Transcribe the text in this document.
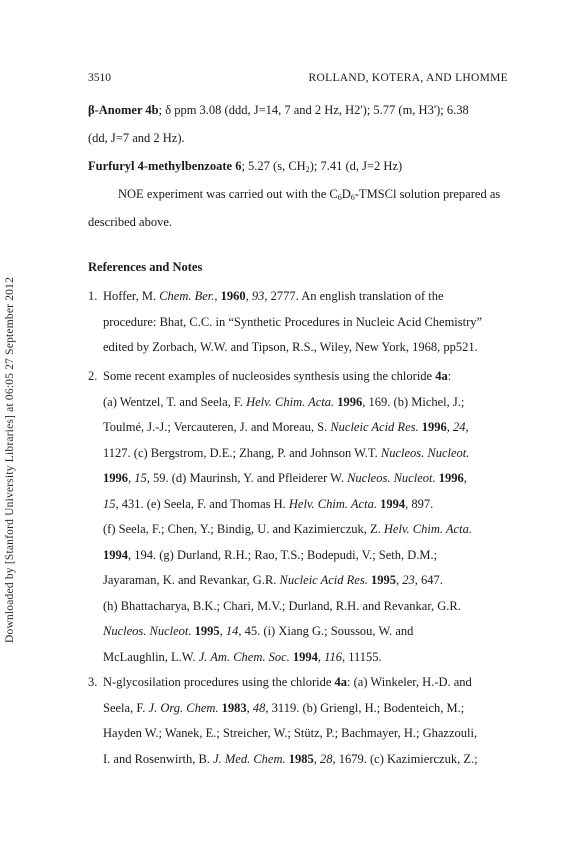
3510	ROLLAND, KOTERA, AND LHOMME
Downloaded by [Stanford University Libraries] at 06:05 27 September 2012
β-Anomer 4b; δ ppm 3.08 (ddd, J=14, 7 and 2 Hz, H2'); 5.77 (m, H3'); 6.38
(dd, J=7 and 2 Hz).
Furfuryl 4-methylbenzoate 6; 5.27 (s, $CH_2$); 7.41 (d, J=2 Hz)
NOE experiment was carried out with the $C_6D_6$-TMSCl solution prepared as
described above.
References and Notes
1. Hoffer, M. Chem. Ber., 1960, 93, 2777. An english translation of the
procedure: Bhat, C.C. in “Synthetic Procedures in Nucleic Acid Chemistry”
edited by Zorbach, W.W. and Tipson, R.S., Wiley, New York, 1968, pp521.
2. Some recent examples of nucleosides synthesis using the chloride 4a:
(a) Wentzel, T. and Seela, F. Helv. Chim. Acta. 1996, 169. (b) Michel, J.;
Toulmé, J.-J.; Vercauteren, J. and Moreau, S. Nucleic Acid Res. 1996, 24,
1127. (c) Bergstrom, D.E.; Zhang, P. and Johnson W.T. Nucleos. Nucleot.
1996, 15, 59. (d) Maurinsh, Y. and Pfleiderer W. Nucleos. Nucleot. 1996,
15, 431. (e) Seela, F. and Thomas H. Helv. Chim. Acta. 1994, 897.
(f) Seela, F.; Chen, Y.; Bindig, U. and Kazimierczuk, Z. Helv. Chim. Acta.
1994, 194. (g) Durland, R.H.; Rao, T.S.; Bodepudi, V.; Seth, D.M.;
Jayaraman, K. and Revankar, G.R. Nucleic Acid Res. 1995, 23, 647.
(h) Bhattacharya, B.K.; Chari, M.V.; Durland, R.H. and Revankar, G.R.
Nucleos. Nucleot. 1995, 14, 45. (i) Xiang G.; Soussou, W. and
McLaughlin, L.W. J. Am. Chem. Soc. 1994, 116, 11155.
3. N-glycosilation procedures using the chloride 4a: (a) Winkeler, H.-D. and
Seela, F. J. Org. Chem. 1983, 48, 3119. (b) Griengl, H.; Bodenteich, M.;
Hayden W.; Wanek, E.; Streicher, W.; Stütz, P.; Bachmayer, H.; Ghazzouli,
I. and Rosenwirth, B. J. Med. Chem. 1985, 28, 1679. (c) Kazimierczuk, Z.;
